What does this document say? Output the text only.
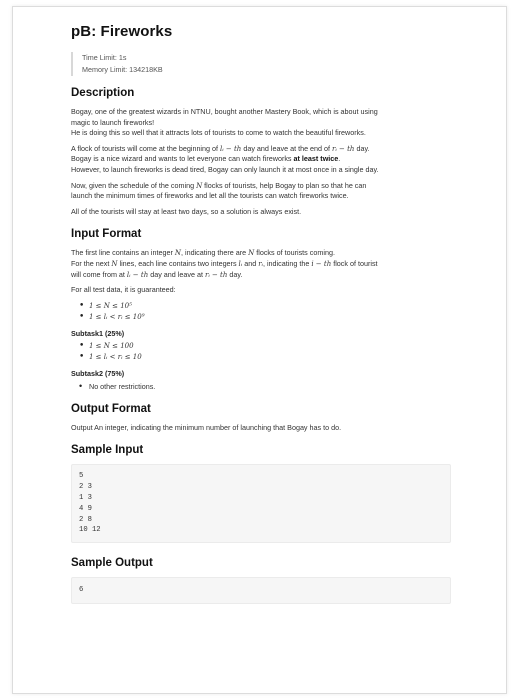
pB: Fireworks
Time Limit: 1s
Memory Limit: 134218KB
Description

Bogay, one of the greatest wizards in NTNU, bought another Mastery Book, which is about using
magic to launch fireworks!
He is doing this so well that it attracts lots of tourists to come to watch the beautiful fireworks.

A flock of tourists will come at the beginning of lᵢ − th day and leave at the end of rᵢ − th day.
Bogay is a nice wizard and wants to let everyone can watch fireworks at least twice.
However, to launch fireworks is dead tired, Bogay can only launch it at most once in a single day.

Now, given the schedule of the coming N flocks of tourists, help Bogay to plan so that he can
launch the minimum times of fireworks and let all the tourists can watch fireworks twice.

All of the tourists will stay at least two days, so a solution is always exist.

Input Format

The first line contains an integer N, indicating there are N flocks of tourists coming.
For the next N lines, each line contains two integers lᵢ and rᵢ, indicating the i − th flock of tourist
will come from at lᵢ − th day and leave at rᵢ − th day.

For all test data, it is guaranteed:

• 1 ≤ N ≤ 10⁵
• 1 ≤ lᵢ < rᵢ ≤ 10⁹
Subtask1 (25%)
• 1 ≤ N ≤ 100
• 1 ≤ lᵢ < rᵢ ≤ 10
Subtask2 (75%)
• No other restrictions.
Output Format

Output An integer, indicating the minimum number of launching that Bogay has to do.

Sample Input
5
2 3
1 3
4 9
2 8
10 12
Sample Output
6
